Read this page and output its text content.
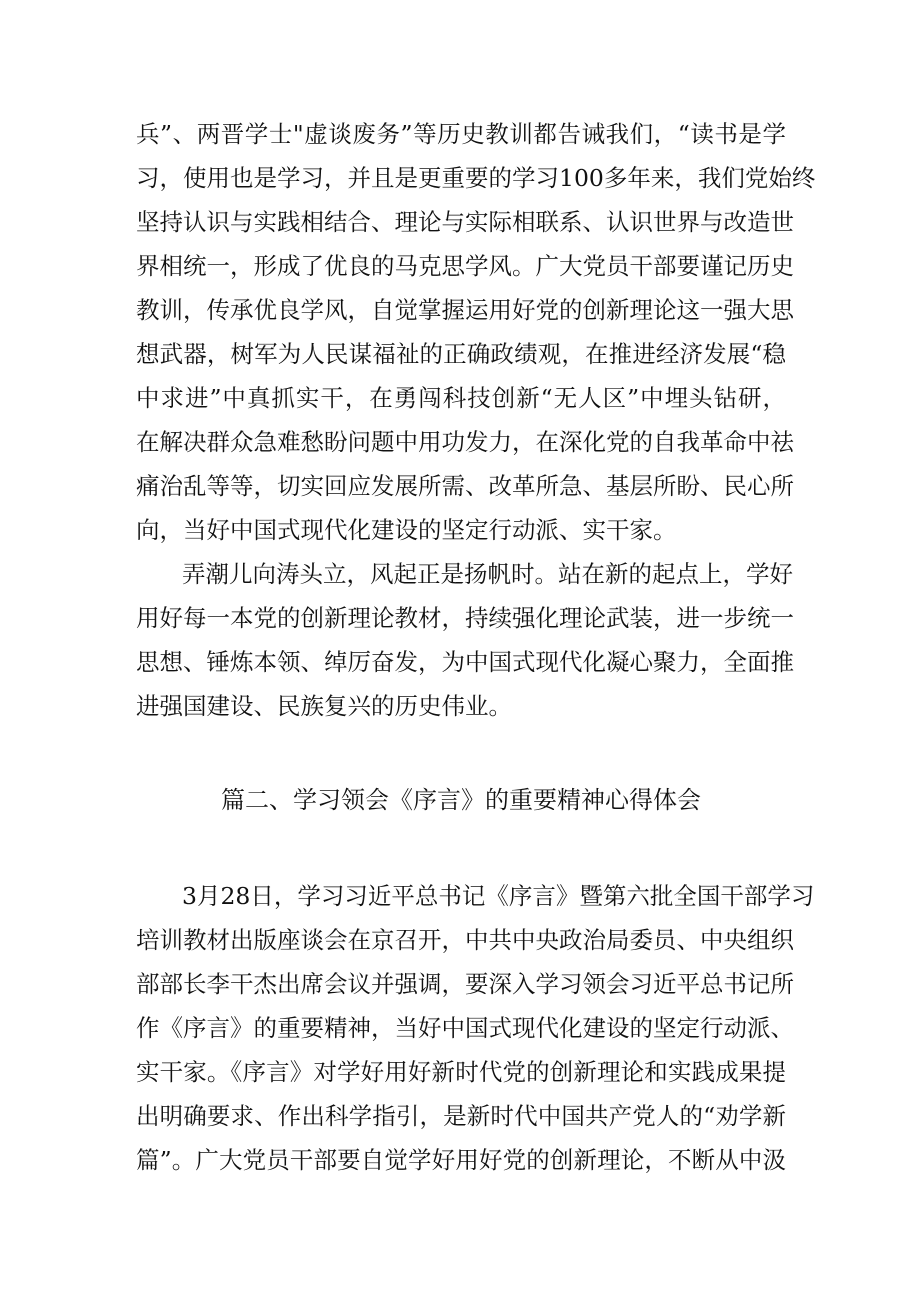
兵”、两晋学士"虚谈废务”等历史教训都告诫我们，“读书是学
习，使用也是学习，并且是更重要的学习100多年来，我们党始终
坚持认识与实践相结合、理论与实际相联系、认识世界与改造世
界相统一，形成了优良的马克思学风。广大党员干部要谨记历史
教训，传承优良学风，自觉掌握运用好党的创新理论这一强大思
想武器，树军为人民谋福祉的正确政绩观，在推进经济发展“稳
中求进”中真抓实干，在勇闯科技创新“无人区”中埋头钻研，
在解决群众急难愁盼问题中用功发力，在深化党的自我革命中祛
痛治乱等等，切实回应发展所需、改革所急、基层所盼、民心所
向，当好中国式现代化建设的坚定行动派、实干家。
弄潮儿向涛头立，风起正是扬帆时。站在新的起点上，学好
用好每一本党的创新理论教材，持续强化理论武装，进一步统一
思想、锤炼本领、绰厉奋发，为中国式现代化凝心聚力，全面推
进强国建设、民族复兴的历史伟业。
篇二、学习领会《序言》的重要精神心得体会
3月28日，学习习近平总书记《序言》暨第六批全国干部学习
培训教材出版座谈会在京召开，中共中央政治局委员、中央组织
部部长李干杰出席会议并强调，要深入学习领会习近平总书记所
作《序言》的重要精神，当好中国式现代化建设的坚定行动派、
实干家。《序言》对学好用好新时代党的创新理论和实践成果提
出明确要求、作出科学指引，是新时代中国共产党人的“劝学新
篇”。广大党员干部要自觉学好用好党的创新理论，不断从中汲
